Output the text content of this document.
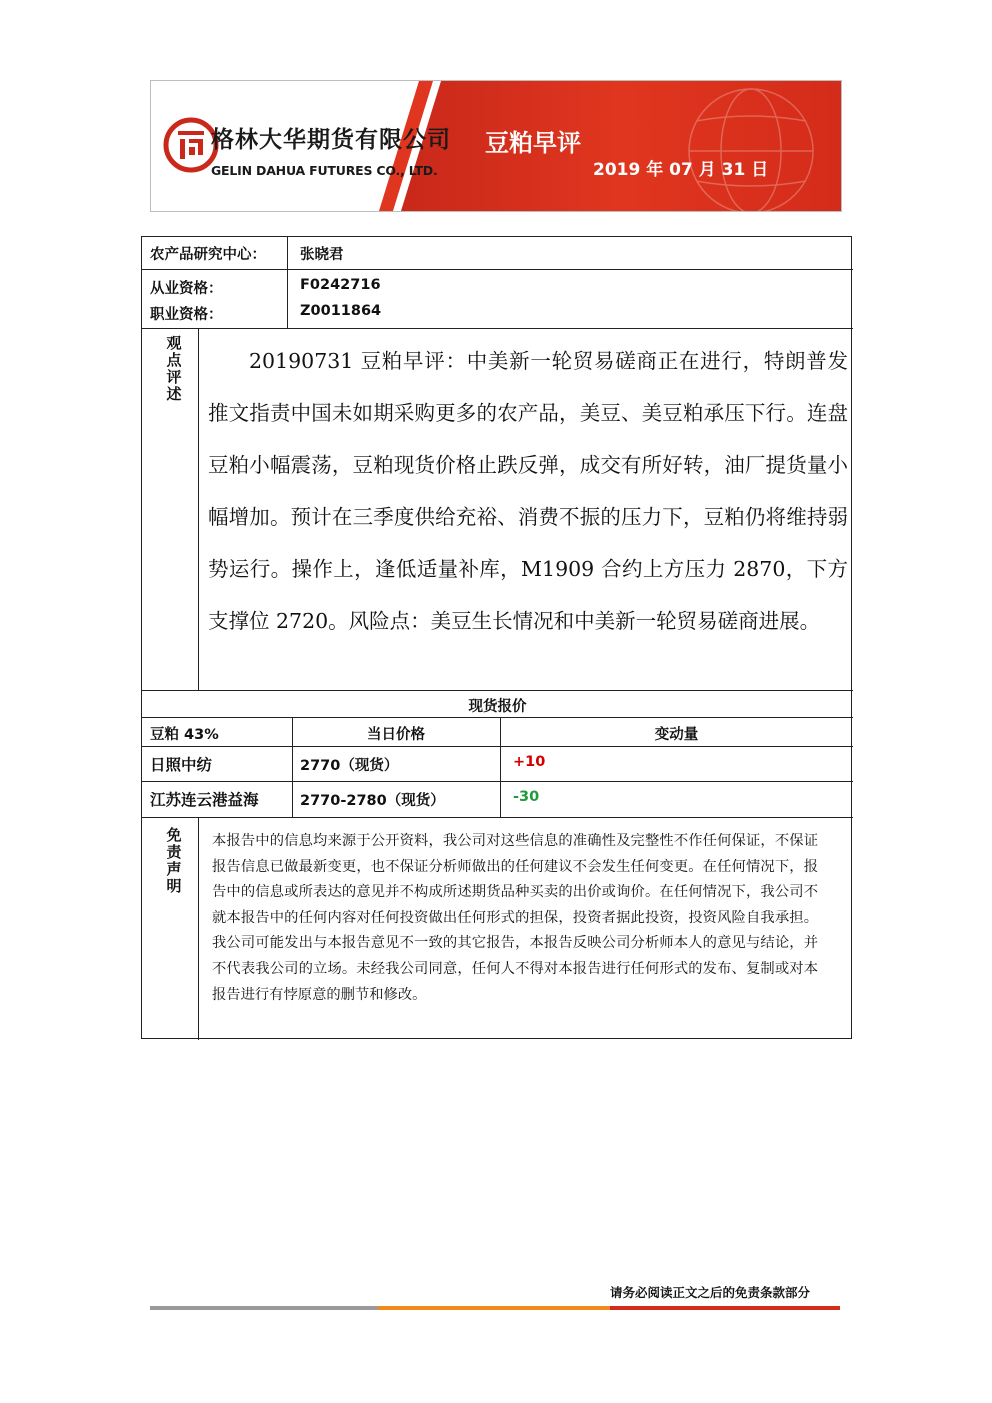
格林大华期货有限公司
GELIN DAHUA FUTURES CO., LTD.
豆粕早评
2019 年 07 月 31 日
农产品研究中心： 张晓君
从业资格：	F0242716
职业资格：	Z0011864
观点评述
20190731 豆粕早评：中美新一轮贸易磋商正在进行，特朗普发推文指责中国未如期采购更多的农产品，美豆、美豆粕承压下行。连盘豆粕小幅震荡，豆粕现货价格止跌反弹，成交有所好转，油厂提货量小幅增加。预计在三季度供给充裕、消费不振的压力下，豆粕仍将维持弱势运行。操作上，逢低适量补库，M1909 合约上方压力 2870，下方支撑位 2720。风险点：美豆生长情况和中美新一轮贸易磋商进展。
现货报价
豆粕 43%	当日价格	变动量
日照中纺	2770（现货）	+10
江苏连云港益海	2770-2780（现货）	-30
免责声明
本报告中的信息均来源于公开资料，我公司对这些信息的准确性及完整性不作任何保证，不保证报告信息已做最新变更，也不保证分析师做出的任何建议不会发生任何变更。在任何情况下，报告中的信息或所表达的意见并不构成所述期货品种买卖的出价或询价。在任何情况下，我公司不就本报告中的任何内容对任何投资做出任何形式的担保，投资者据此投资，投资风险自我承担。我公司可能发出与本报告意见不一致的其它报告，本报告反映公司分析师本人的意见与结论，并不代表我公司的立场。未经我公司同意，任何人不得对本报告进行任何形式的发布、复制或对本报告进行有悖原意的删节和修改。
请务必阅读正文之后的免责条款部分
